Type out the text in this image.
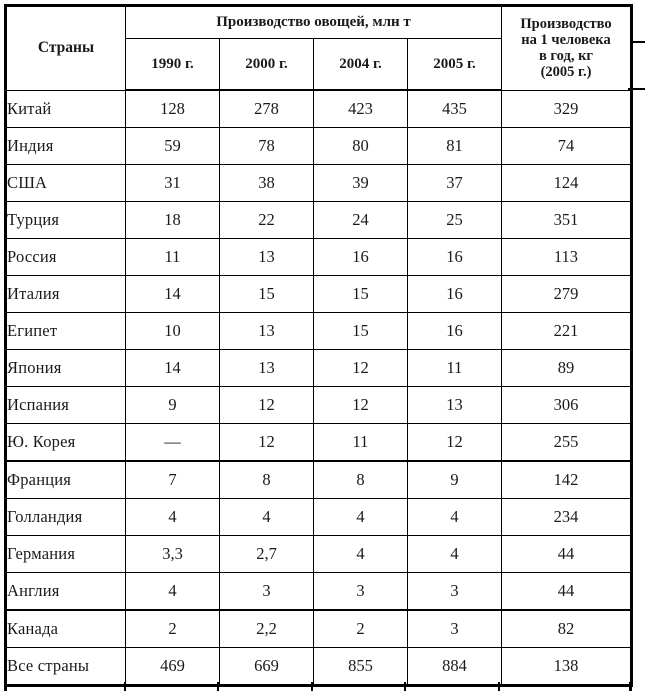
Страны	Производство овощей, млн т				Производство
на 1 человека
в год, кг
(2005 г.)

	1990 г.	2000 г.	2004 г.	2005 г.	
Китай	128	278	423	435	329
Индия	59	78	80	81	74
США	31	38	39	37	124
Турция	18	22	24	25	351
Россия	11	13	16	16	113
Италия	14	15	15	16	279
Египет	10	13	15	16	221
Япония	14	13	12	11	89
Испания	9	12	12	13	306
Ю. Корея	—	12	11	12	255
Франция	7	8	8	9	142
Голландия	4	4	4	4	234
Германия	3,3	2,7	4	4	44
Англия	4	3	3	3	44
Канада	2	2,2	2	3	82
Все страны	469	669	855	884	138
